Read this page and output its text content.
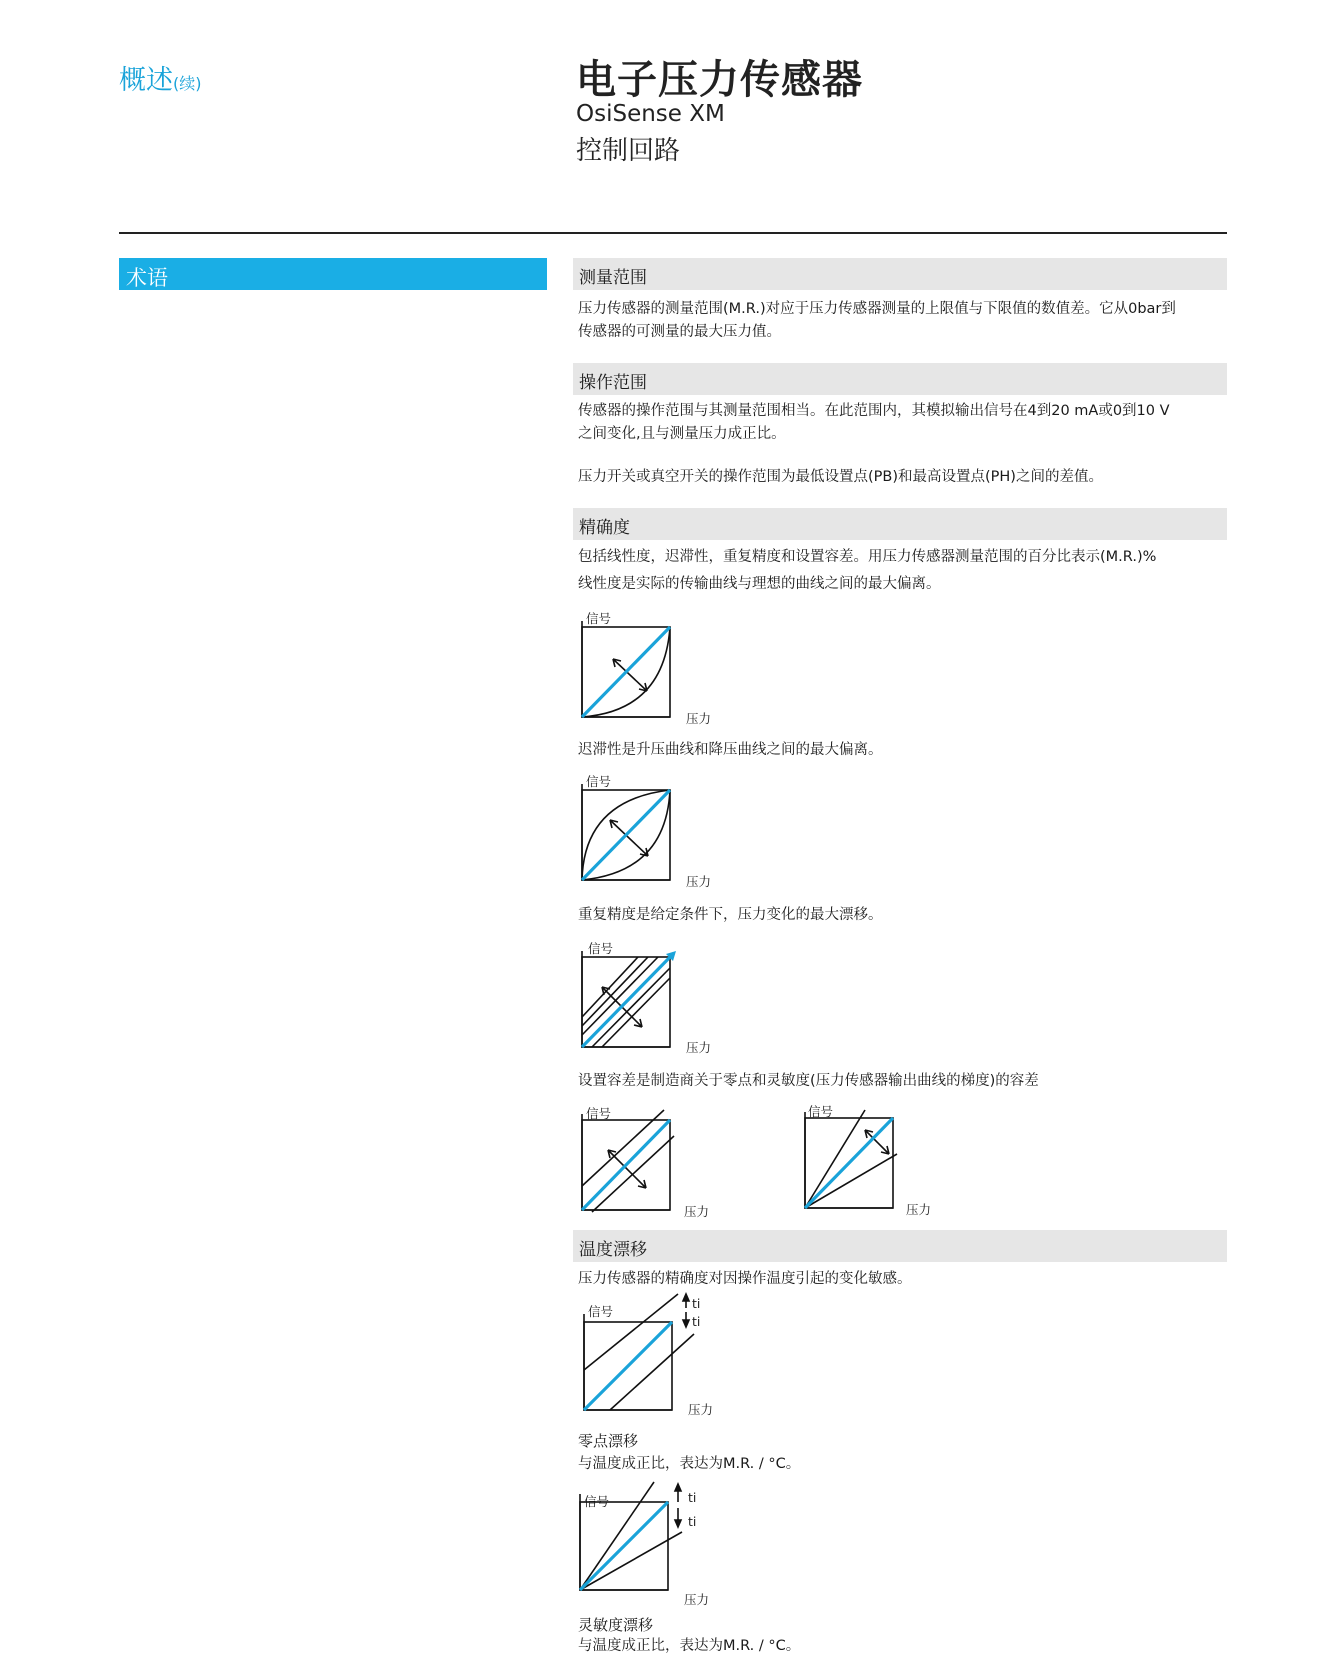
概述(续)	电子压力传感器
OsiSense XM
控制回路
术语	测量范围
压力传感器的测量范围(M.R.)对应于压力传感器测量的上限值与下限值的数值差。它从0bar到
传感器的可测量的最大压力值。
操作范围
传感器的操作范围与其测量范围相当。在此范围内，其模拟输出信号在4到20 mA或0到10 V
之间变化,且与测量压力成正比。
压力开关或真空开关的操作范围为最低设置点(PB)和最高设置点(PH)之间的差值。
精确度
包括线性度，迟滞性，重复精度和设置容差。用压力传感器测量范围的百分比表示(M.R.)%
线性度是实际的传输曲线与理想的曲线之间的最大偏离。
信号
压力
迟滞性是升压曲线和降压曲线之间的最大偏离。
信号
压力
重复精度是给定条件下，压力变化的最大漂移。
信号
压力
设置容差是制造商关于零点和灵敏度(压力传感器输出曲线的梯度)的容差
信号
压力
信号
压力
温度漂移
压力传感器的精确度对因操作温度引起的变化敏感。
信号
压力
ti
ti
零点漂移
与温度成正比，表达为M.R. / °C。
信号
压力
ti
ti
灵敏度漂移
与温度成正比，表达为M.R. / °C。
